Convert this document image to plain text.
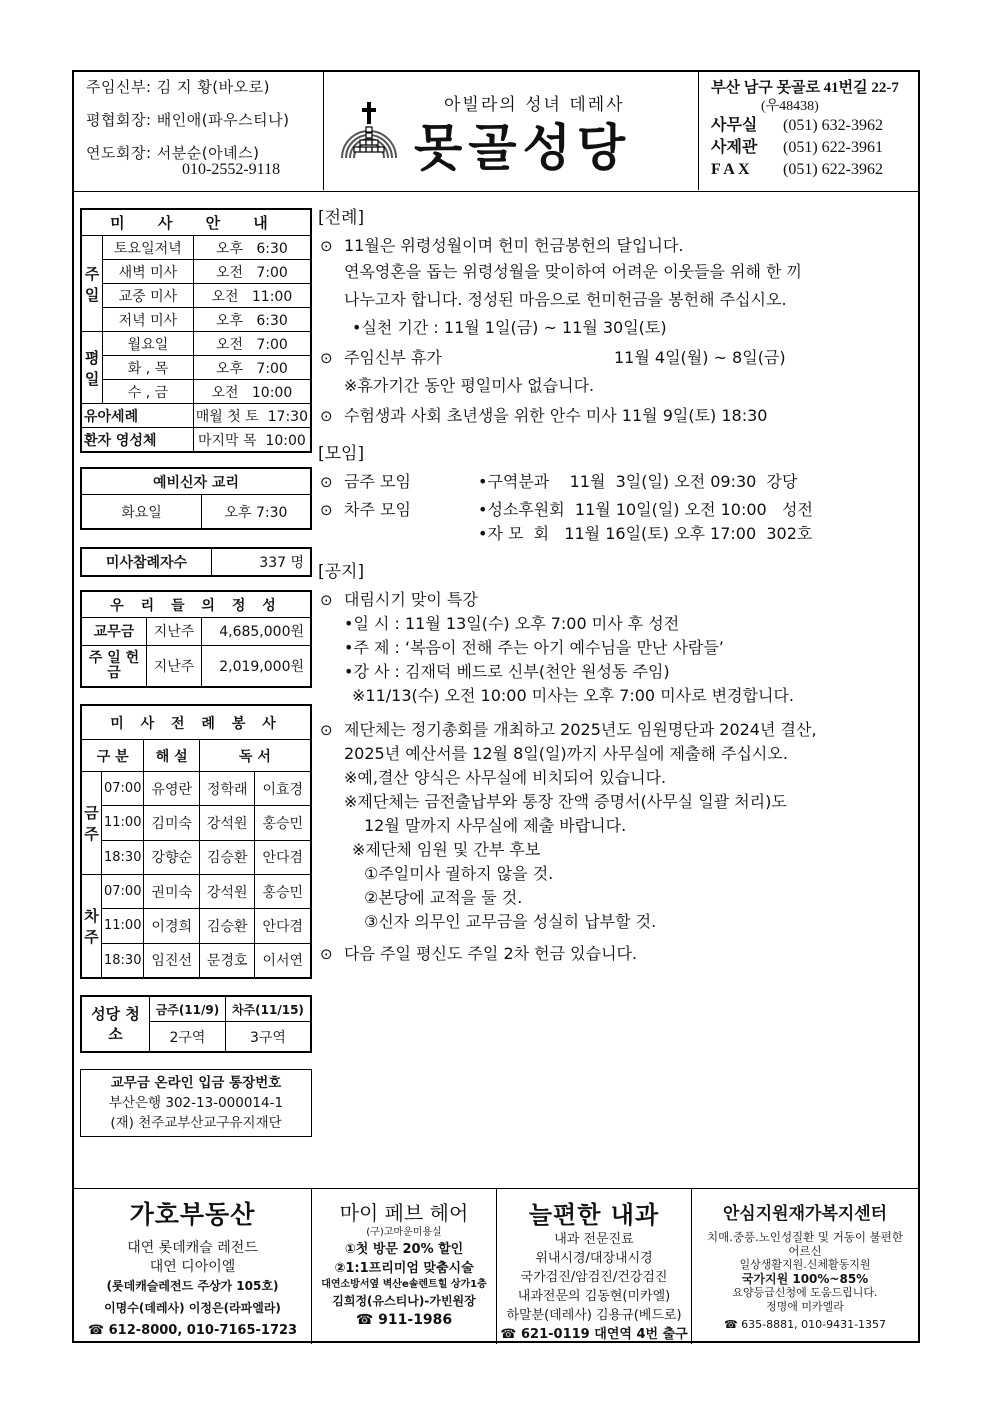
주임신부: 김 지 황(바오로)
평협회장: 배인애(파우스티나)
연도회장: 서분순(아녜스)
010-2552-9118
아빌라의 성녀 데레사
못골성당
부산 남구 못골로 41번길 22-7
(우48438)
사무실 (051) 632-3962
사제관 (051) 622-3961
F A X (051) 622-3962
미 사 안 내		
주일	토요일저녁	오후 6:30
	새벽 미사	오전 7:00
	교중 미사	오전 11:00
	저녁 미사	오후 6:30
평일	월요일	오전 7:00
	화 , 목	오후 7:00
	수 , 금	오전 10:00
유아세례		매월 첫 토 17:30
환자 영성체		마지막 목 10:00
예비신자 교리
화요일	오후 7:30
미사참례자수	337 명
우 리 들 의 정 성		
교무금	지난주	4,685,000원
주 일 헌 금	지난주	2,019,000원
미 사 전 례 봉 사				
구 분		해 설	독 서	
금주	07:00	유영란	정학래	이효경
	11:00	김미숙	강석원	홍승민
	18:30	강향순	김승환	안다겸
차주	07:00	권미숙	강석원	홍승민
	11:00	이경희	김승환	안다겸
	18:30	임진선	문경호	이서연
성당 청소	금주(11/9)	차주(11/15)
	2구역	3구역
교무금 온라인 입금 통장번호
부산은행 302-13-000014-1
(재) 천주교부산교구유지재단
[전례]
⊙ 11월은 위령성월이며 헌미 헌금봉헌의 달입니다.
연옥영혼을 돕는 위령성월을 맞이하여 어려운 이웃들을 위해 한 끼
나누고자 합니다. 정성된 마음으로 헌미헌금을 봉헌해 주십시오.
•실천 기간 : 11월 1일(금) ~ 11월 30일(토)
⊙ 주임신부 휴가	11월 4일(월) ~ 8일(금)
※휴가기간 동안 평일미사 없습니다.
⊙ 수험생과 사회 초년생을 위한 안수 미사 11월 9일(토) 18:30
[모임]
⊙ 금주 모임	•구역분과    11월  3일(일) 오전 09:30  강당
⊙ 차주 모임	•성소후원회  11월 10일(일) 오전 10:00   성전
•자 모  회   11월 16일(토) 오후 17:00  302호
[공지]
⊙ 대림시기 맞이 특강
•일 시 : 11월 13일(수) 오후 7:00 미사 후 성전
•주 제 : ‘복음이 전해 주는 아기 예수님을 만난 사람들’
•강 사 : 김재덕 베드로 신부(천안 원성동 주임)
※11/13(수) 오전 10:00 미사는 오후 7:00 미사로 변경합니다.
⊙ 제단체는 정기총회를 개최하고 2025년도 임원명단과 2024년 결산,
2025년 예산서를 12월 8일(일)까지 사무실에 제출해 주십시오.
※예,결산 양식은 사무실에 비치되어 있습니다.
※제단체는 금전출납부와 통장 잔액 증명서(사무실 일괄 처리)도
12월 말까지 사무실에 제출 바랍니다.
※제단체 임원 및 간부 후보
①주일미사 궐하지 않을 것.
②본당에 교적을 둘 것.
③신자 의무인 교무금을 성실히 납부할 것.
⊙ 다음 주일 평신도 주일 2차 헌금 있습니다.
가호부동산
대연 롯데캐슬 레전드
대연 디아이엘
(롯데캐슬레전드 주상가 105호)
이명수(데레사) 이정은(라파엘라)
☎ 612-8000, 010-7165-1723
마이 페브 헤어
(구)고마운미용실
①첫 방문 20% 할인
②1:1프리미엄 맞춤시술
대연소방서옆 벽산e솔렌트힐 상가1층
김희정(유스티나)-가빈원장
☎ 911-1986
늘편한 내과
내과 전문진료
위내시경/대장내시경
국가검진/암검진/건강검진
내과전문의 김동현(미카엘)
하말분(데레사) 김용규(베드로)
☎ 621-0119 대연역 4번 출구
안심지원재가복지센터
치매.중풍.노인성질환 및 거동이 불편한
어르신
일상생활지원.신체활동지원
국가지원 100%~85%
요양등급신청에 도움드립니다.
정명애 미카엘라
☎ 635-8881, 010-9431-1357
